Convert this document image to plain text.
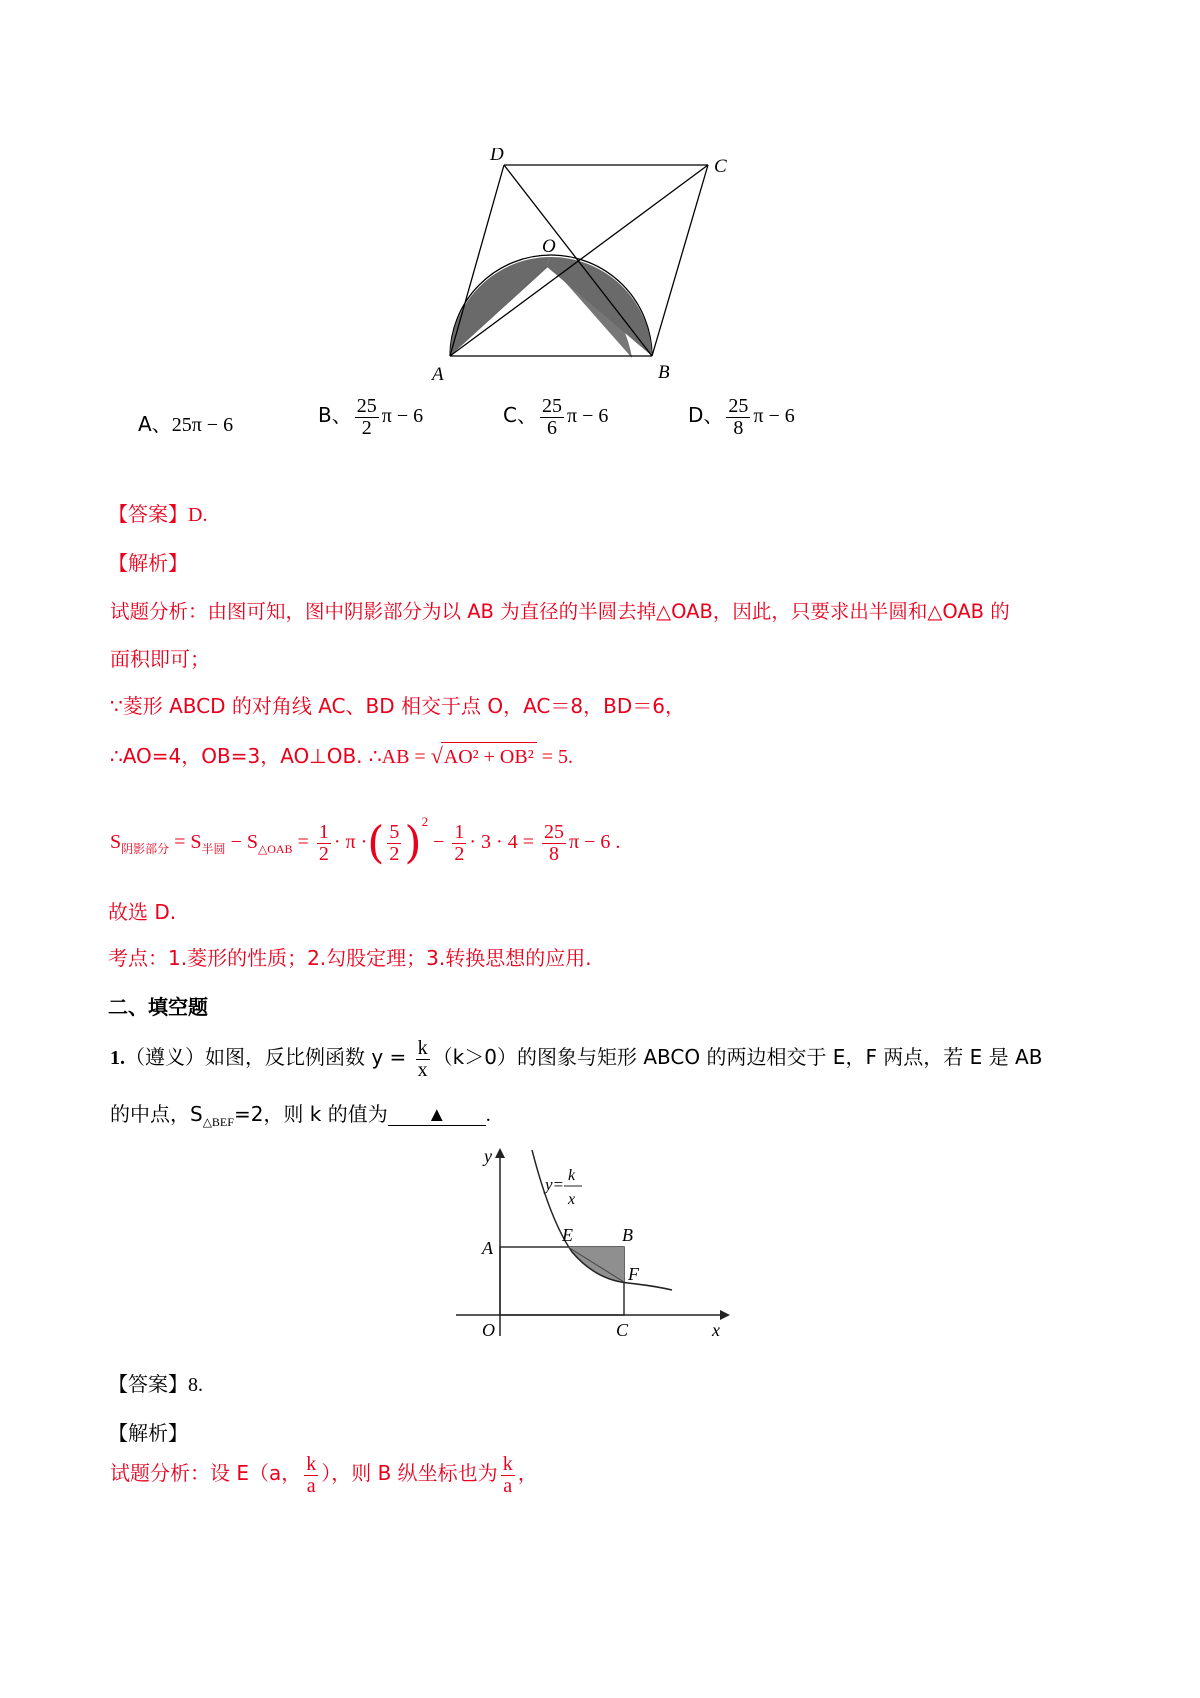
D
C
O
A	B
A、25π − 6	B、 $\frac{25}{2}$ π − 6	C、 $\frac{25}{6}$ π − 6	D、 $\frac{25}{8}$ π − 6
【答案】D.
【解析】
试题分析：由图可知，图中阴影部分为以 AB 为直径的半圆去掉△OAB，因此，只要求出半圆和△OAB 的
面积即可；
∵菱形 ABCD 的对角线 AC、BD 相交于点 O，AC＝8，BD＝6，
∴AO=4，OB=3，AO⊥OB. ∴AB = √AO² + OB² = 5.
$S_{阴影部分} = S_{半圆} - S_{\triangle OAB} = \frac{1}{2} \cdot \pi$ ·( $\frac{5}{2} )^2 - \frac{1}{2} \cdot 3 \cdot 4 = \frac{25}{8}$ π − 6 .
故选 D.
考点：1.菱形的性质；2.勾股定理；3.转换思想的应用.
二、填空题
1.（遵义）如图，反比例函数 $y = \frac{k}{x} (k>0)$的图象与矩形 ABCO 的两边相交于 E，F 两点，若 E 是 AB
的中点，$S_{\triangle BEF}=2$，则 k 的值为 ▲ .
y
x
O
A
E	B
F
C
y= k
x
【答案】8.
【解析】
试题分析：设 E（a， $\frac{k}{a}$ ），则 B 纵坐标也为 $\frac{k}{a}$ ，
